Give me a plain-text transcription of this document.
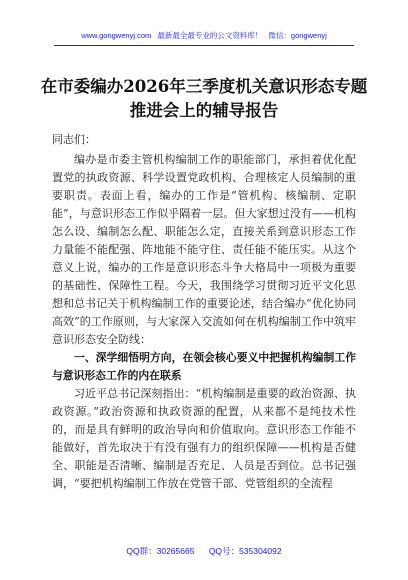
www.gongwenyj.com 最新最全最专业的公文资料库！ 微信：gongwenyj
在市委编办2026年三季度机关意识形态专题推进会上的辅导报告
同志们：

编办是市委主管机构编制工作的职能部门，承担着优化配置党的执政资源、科学设置党政机构、合理核定人员编制的重要职责。表面上看，编办的工作是“管机构、核编制、定职能”，与意识形态工作似乎隔着一层。但大家想过没有——机构怎么设、编制怎么配、职能怎么定，直接关系到意识形态工作力量能不能配强、阵地能不能守住、责任能不能压实。从这个意义上说，编办的工作是意识形态斗争大格局中一项极为重要的基础性、保障性工程。今天，我围绕学习贯彻习近平文化思想和总书记关于机构编制工作的重要论述，结合编办“优化协同高效”的工作原则，与大家深入交流如何在机构编制工作中筑牢意识形态安全防线：

一、深学细悟明方向，在领会核心要义中把握机构编制工作与意识形态工作的内在联系

习近平总书记深刻指出：“机构编制是重要的政治资源、执政资源。”政治资源和执政资源的配置，从来都不是纯技术性的，而是具有鲜明的政治导向和价值取向。意识形态工作能不能做好，首先取决于有没有强有力的组织保障——机构是否健全、职能是否清晰、编制是否充足、人员是否到位。总书记强调，“要把机构编制工作放在党管干部、党管组织的全流程

QQ群：30265665 QQ号：535304092
